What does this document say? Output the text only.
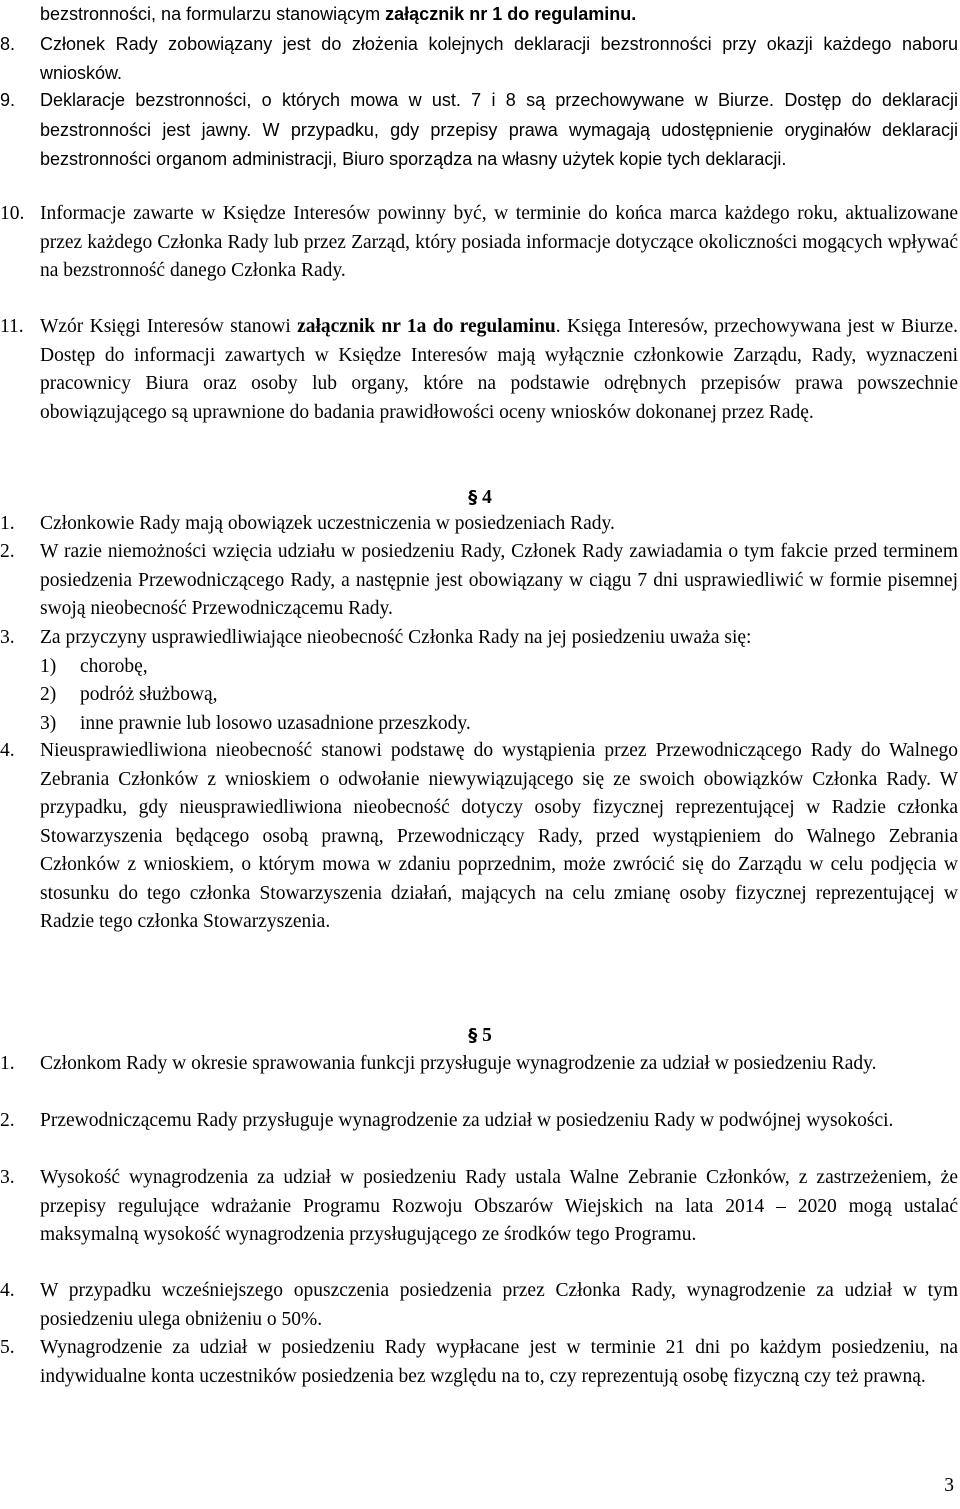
bezstronności, na formularzu stanowiącym załącznik nr 1 do regulaminu.
8.	Członek Rady zobowiązany jest do złożenia kolejnych deklaracji bezstronności przy okazji każdego naboru wniosków.
9.	Deklaracje bezstronności, o których mowa w ust. 7 i 8 są przechowywane w Biurze. Dostęp do deklaracji bezstronności jest jawny. W przypadku, gdy przepisy prawa wymagają udostępnienie oryginałów deklaracji bezstronności organom administracji, Biuro sporządza na własny użytek kopie tych deklaracji.
10. Informacje zawarte w Księdze Interesów powinny być, w terminie do końca marca każdego roku, aktualizowane przez każdego Członka Rady lub przez Zarząd, który posiada informacje dotyczące okoliczności mogących wpływać na bezstronność danego Członka Rady.
11. Wzór Księgi Interesów stanowi załącznik nr 1a do regulaminu. Księga Interesów, przechowywana jest w Biurze. Dostęp do informacji zawartych w Księdze Interesów mają wyłącznie członkowie Zarządu, Rady, wyznaczeni pracownicy Biura oraz osoby lub organy, które na podstawie odrębnych przepisów prawa powszechnie obowiązującego są uprawnione do badania prawidłowości oceny wniosków dokonanej przez Radę.
§ 4
1.	Członkowie Rady mają obowiązek uczestniczenia w posiedzeniach Rady.
2.	W razie niemożności wzięcia udziału w posiedzeniu Rady, Członek Rady zawiadamia o tym fakcie przed terminem posiedzenia Przewodniczącego Rady, a następnie jest obowiązany w ciągu 7 dni usprawiedliwić w formie pisemnej swoją nieobecność Przewodniczącemu Rady.
3.	Za przyczyny usprawiedliwiające nieobecność Członka Rady na jej posiedzeniu uważa się:
1)	chorobę,
2)	podróż służbową,
3)	inne prawnie lub losowo uzasadnione przeszkody.
4.	Nieusprawiedliwiona nieobecność stanowi podstawę do wystąpienia przez Przewodniczącego Rady do Walnego Zebrania Członków z wnioskiem o odwołanie niewywiązującego się ze swoich obowiązków Członka Rady. W przypadku, gdy nieusprawiedliwiona nieobecność dotyczy osoby fizycznej reprezentującej w Radzie członka Stowarzyszenia będącego osobą prawną, Przewodniczący Rady, przed wystąpieniem do Walnego Zebrania Członków z wnioskiem, o którym mowa w zdaniu poprzednim, może zwrócić się do Zarządu w celu podjęcia w stosunku do tego członka Stowarzyszenia działań, mających na celu zmianę osoby fizycznej reprezentującej w Radzie tego członka Stowarzyszenia.
§ 5
1.	Członkom Rady w okresie sprawowania funkcji przysługuje wynagrodzenie za udział w posiedzeniu Rady.
2.	Przewodniczącemu Rady przysługuje wynagrodzenie za udział w posiedzeniu Rady w podwójnej wysokości.
3.	Wysokość wynagrodzenia za udział w posiedzeniu Rady ustala Walne Zebranie Członków, z zastrzeżeniem, że przepisy regulujące wdrażanie Programu Rozwoju Obszarów Wiejskich na lata 2014 – 2020 mogą ustalać maksymalną wysokość wynagrodzenia przysługującego ze środków tego Programu.
4.	W przypadku wcześniejszego opuszczenia posiedzenia przez Członka Rady, wynagrodzenie za udział w tym posiedzeniu ulega obniżeniu o 50%.
5.	Wynagrodzenie za udział w posiedzeniu Rady wypłacane jest w terminie 21 dni po każdym posiedzeniu, na indywidualne konta uczestników posiedzenia bez względu na to, czy reprezentują osobę fizyczną czy też prawną.
3
